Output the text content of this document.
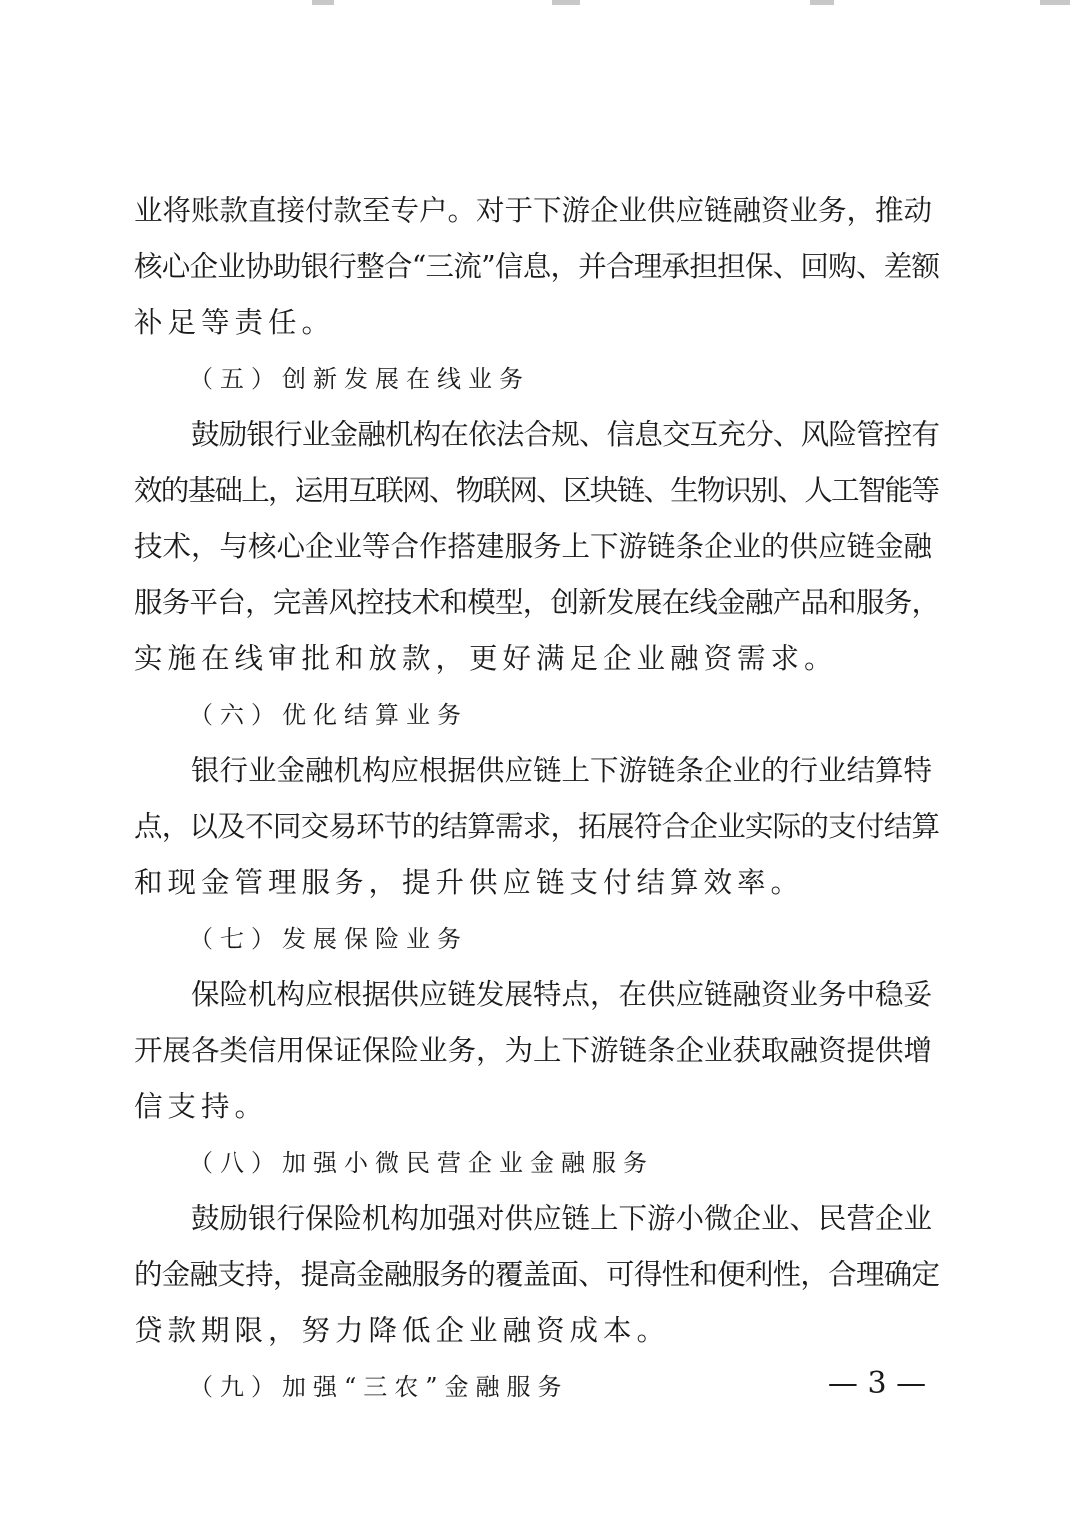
业将账款直接付款至专户。对于下游企业供应链融资业务，推动
核心企业协助银行整合“三流”信息，并合理承担担保、回购、差额
补足等责任。
（五）创新发展在线业务
鼓励银行业金融机构在依法合规、信息交互充分、风险管控有
效的基础上，运用互联网、物联网、区块链、生物识别、人工智能等
技术，与核心企业等合作搭建服务上下游链条企业的供应链金融
服务平台，完善风控技术和模型，创新发展在线金融产品和服务，
实施在线审批和放款，更好满足企业融资需求。
（六）优化结算业务
银行业金融机构应根据供应链上下游链条企业的行业结算特
点，以及不同交易环节的结算需求，拓展符合企业实际的支付结算
和现金管理服务，提升供应链支付结算效率。
（七）发展保险业务
保险机构应根据供应链发展特点，在供应链融资业务中稳妥
开展各类信用保证保险业务，为上下游链条企业获取融资提供增
信支持。
（八）加强小微民营企业金融服务
鼓励银行保险机构加强对供应链上下游小微企业、民营企业
的金融支持，提高金融服务的覆盖面、可得性和便利性，合理确定
贷款期限，努力降低企业融资成本。
（九）加强“三农”金融服务	— 3 —
